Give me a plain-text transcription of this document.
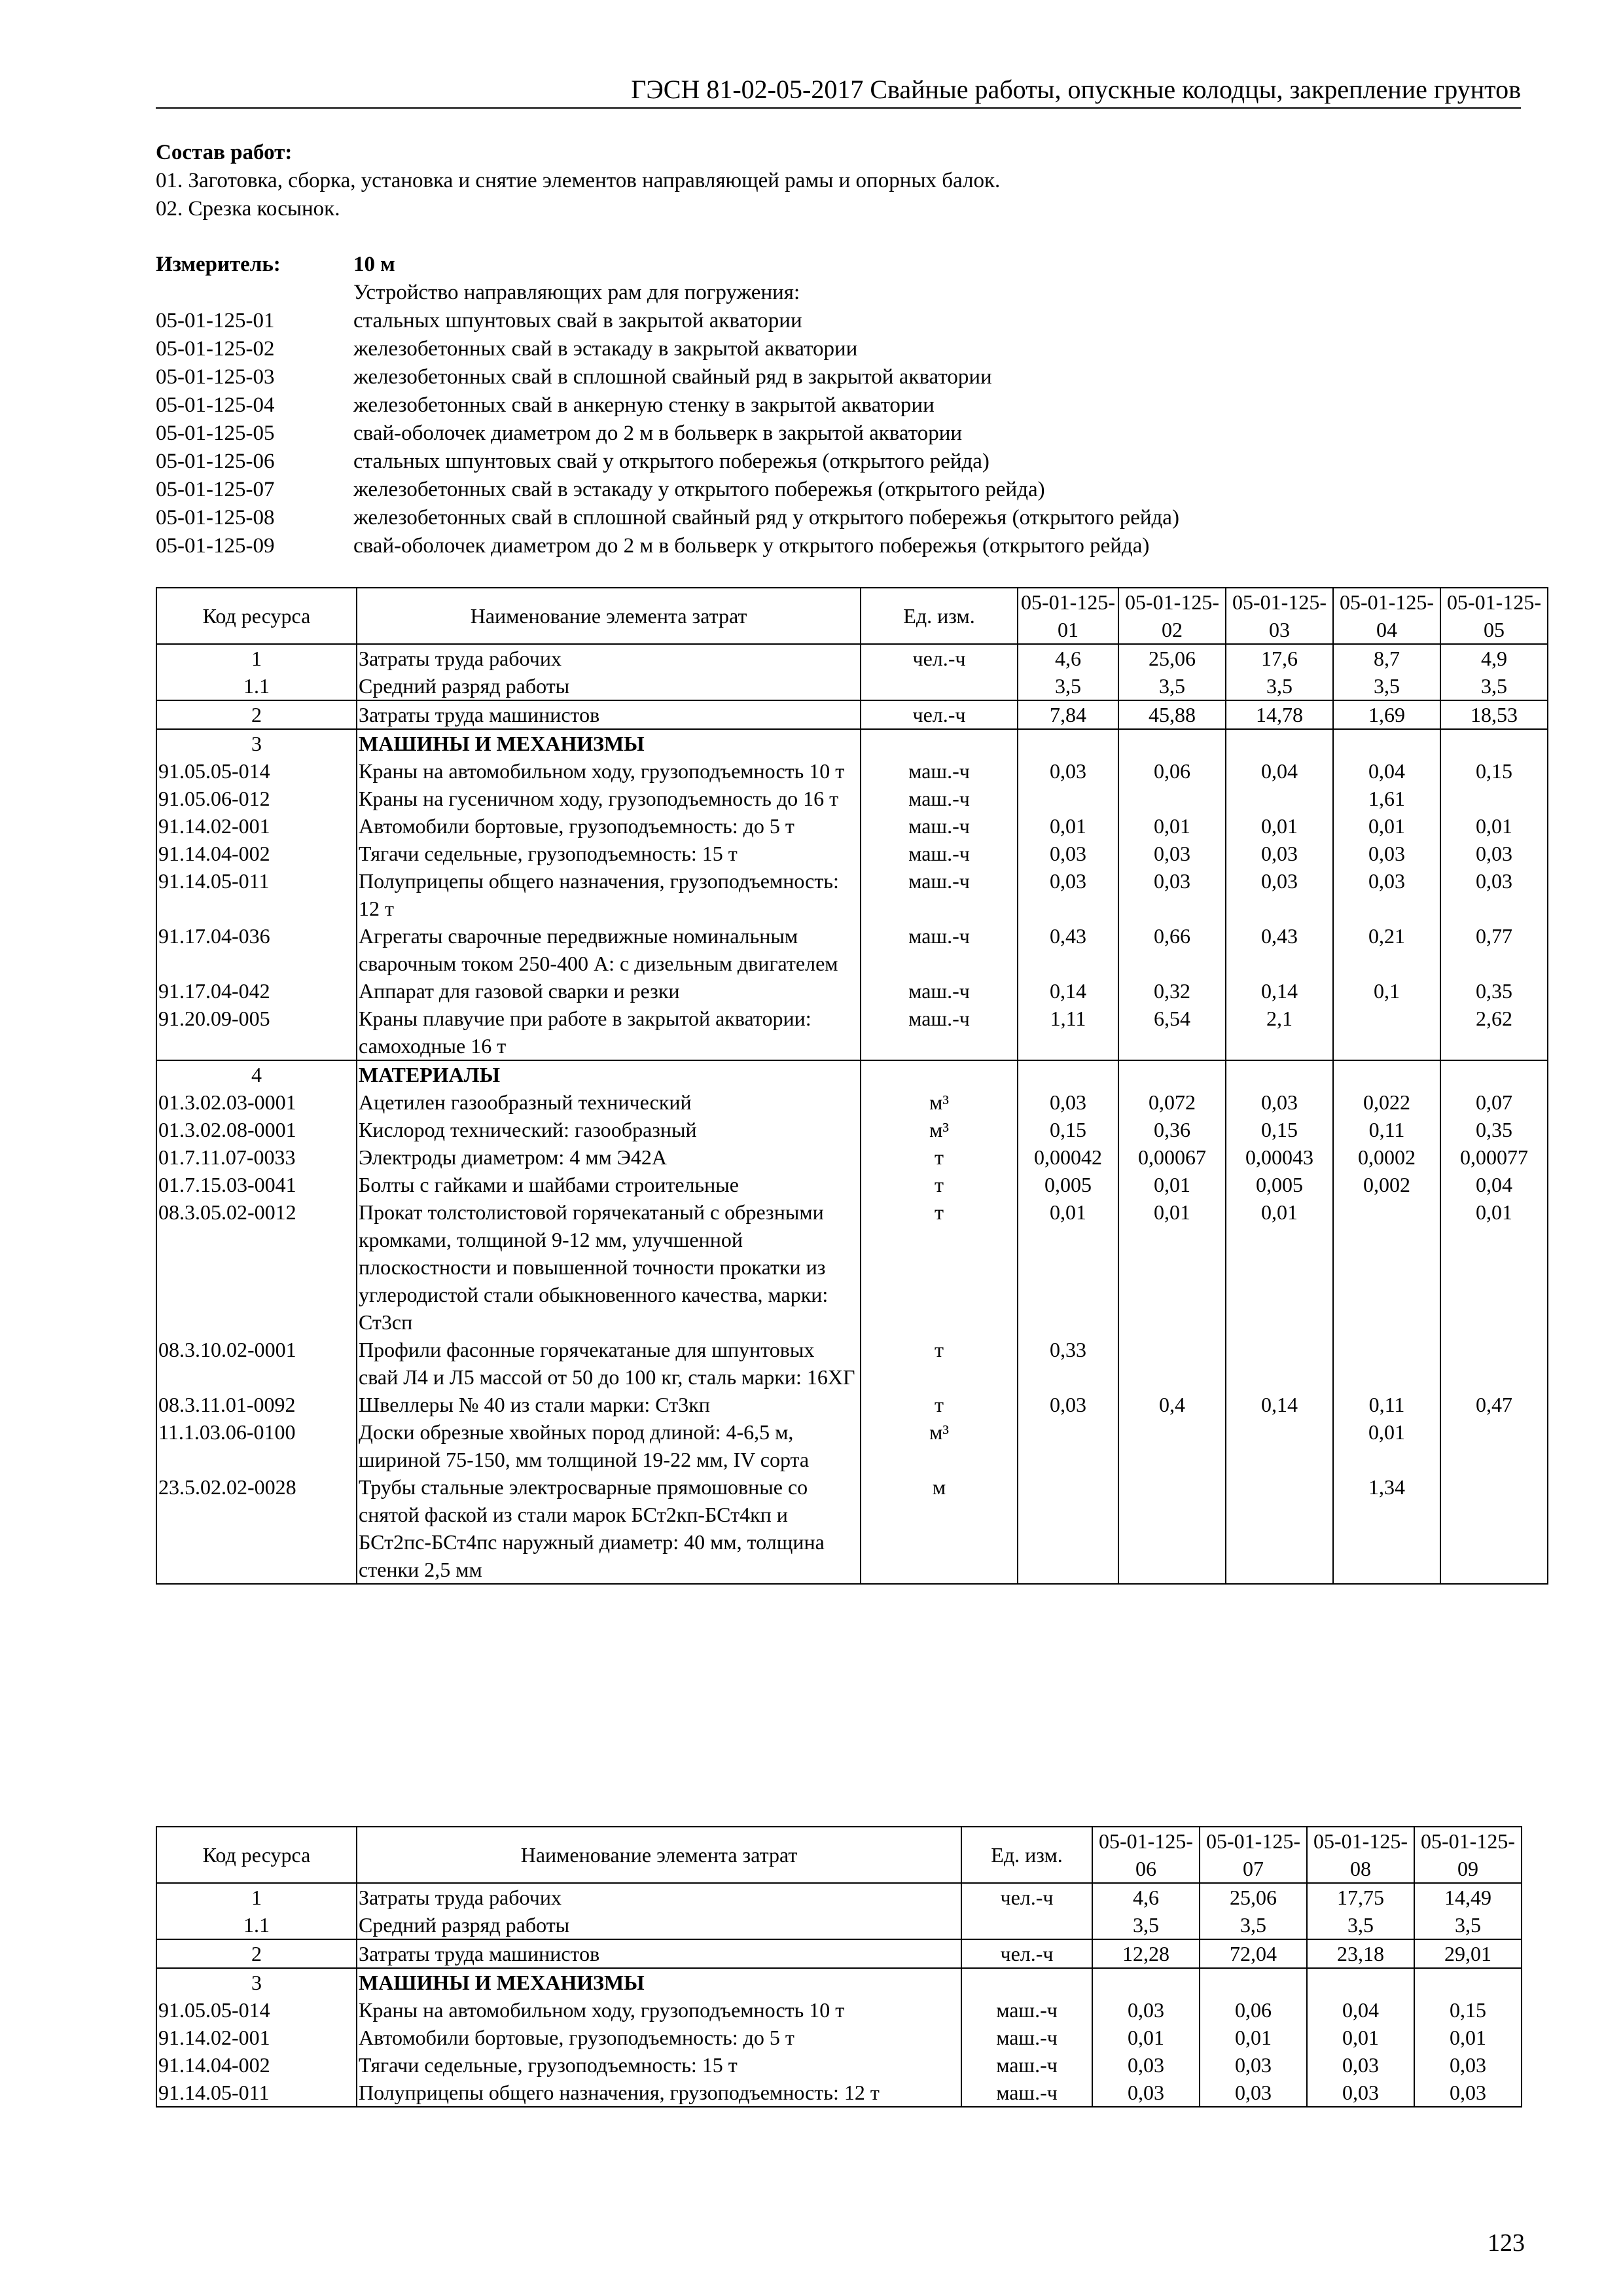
ГЭСН 81-02-05-2017 Свайные работы, опускные колодцы, закрепление грунтов
Состав работ:
01. Заготовка, сборка, установка и снятие элементов направляющей рамы и опорных балок.
02. Срезка косынок.
Измеритель:	10 м
Устройство направляющих рам для погружения:
05-01-125-01	стальных шпунтовых свай в закрытой акватории
05-01-125-02	железобетонных свай в эстакаду в закрытой акватории
05-01-125-03	железобетонных свай в сплошной свайный ряд в закрытой акватории
05-01-125-04	железобетонных свай в анкерную стенку в закрытой акватории
05-01-125-05	свай-оболочек диаметром до 2 м в больверк в закрытой акватории
05-01-125-06	стальных шпунтовых свай у открытого побережья (открытого рейда)
05-01-125-07	железобетонных свай в эстакаду у открытого побережья (открытого рейда)
05-01-125-08	железобетонных свай в сплошной свайный ряд у открытого побережья (открытого рейда)
05-01-125-09	свай-оболочек диаметром до 2 м в больверк у открытого побережья (открытого рейда)
Код ресурса	Наименование элемента затрат	Ед. изм.	05-01-125-01	05-01-125-02	05-01-125-03	05-01-125-04	05-01-125-05
1	Затраты труда рабочих	чел.-ч	4,6	25,06	17,6	8,7	4,9
1.1	Средний разряд работы		3,5	3,5	3,5	3,5	3,5
2	Затраты труда машинистов	чел.-ч	7,84	45,88	14,78	1,69	18,53
3	МАШИНЫ И МЕХАНИЗМЫ						
91.05.05-014	Краны на автомобильном ходу, грузоподъемность 10 т	маш.-ч	0,03	0,06	0,04	0,04	0,15
91.05.06-012	Краны на гусеничном ходу, грузоподъемность до 16 т	маш.-ч				1,61	
91.14.02-001	Автомобили бортовые, грузоподъемность: до 5 т	маш.-ч	0,01	0,01	0,01	0,01	0,01
91.14.04-002	Тягачи седельные, грузоподъемность: 15 т	маш.-ч	0,03	0,03	0,03	0,03	0,03
91.14.05-011	Полуприцепы общего назначения, грузоподъемность: 12 т	маш.-ч	0,03	0,03	0,03	0,03	0,03
91.17.04-036	Агрегаты сварочные передвижные номинальным сварочным током 250-400 А: с дизельным двигателем	маш.-ч	0,43	0,66	0,43	0,21	0,77
91.17.04-042	Аппарат для газовой сварки и резки	маш.-ч	0,14	0,32	0,14	0,1	0,35
91.20.09-005	Краны плавучие при работе в закрытой акватории: самоходные 16 т	маш.-ч	1,11	6,54	2,1		2,62
4	МАТЕРИАЛЫ						
01.3.02.03-0001	Ацетилен газообразный технический	м³	0,03	0,072	0,03	0,022	0,07
01.3.02.08-0001	Кислород технический: газообразный	м³	0,15	0,36	0,15	0,11	0,35
01.7.11.07-0033	Электроды диаметром: 4 мм Э42А	т	0,00042	0,00067	0,00043	0,0002	0,00077
01.7.15.03-0041	Болты с гайками и шайбами строительные	т	0,005	0,01	0,005	0,002	0,04
08.3.05.02-0012	Прокат толстолистовой горячекатаный с обрезными кромками, толщиной 9-12 мм, улучшенной плоскостности и повышенной точности прокатки из углеродистой стали обыкновенного качества, марки: Ст3сп	т	0,01	0,01	0,01		0,01
08.3.10.02-0001	Профили фасонные горячекатаные для шпунтовых свай Л4 и Л5 массой от 50 до 100 кг, сталь марки: 16ХГ	т	0,33				
08.3.11.01-0092	Швеллеры № 40 из стали марки: Ст3кп	т	0,03	0,4	0,14	0,11	0,47
11.1.03.06-0100	Доски обрезные хвойных пород длиной: 4-6,5 м, шириной 75-150, мм толщиной 19-22 мм, IV сорта	м³				0,01	
23.5.02.02-0028	Трубы стальные электросварные прямошовные со снятой фаской из стали марок БСт2кп-БСт4кп и БСт2пс-БСт4пс наружный диаметр: 40 мм, толщина стенки 2,5 мм	м				1,34	
Код ресурса	Наименование элемента затрат	Ед. изм.	05-01-125-06	05-01-125-07	05-01-125-08	05-01-125-09
1	Затраты труда рабочих	чел.-ч	4,6	25,06	17,75	14,49
1.1	Средний разряд работы		3,5	3,5	3,5	3,5
2	Затраты труда машинистов	чел.-ч	12,28	72,04	23,18	29,01
3	МАШИНЫ И МЕХАНИЗМЫ					
91.05.05-014	Краны на автомобильном ходу, грузоподъемность 10 т	маш.-ч	0,03	0,06	0,04	0,15
91.14.02-001	Автомобили бортовые, грузоподъемность: до 5 т	маш.-ч	0,01	0,01	0,01	0,01
91.14.04-002	Тягачи седельные, грузоподъемность: 15 т	маш.-ч	0,03	0,03	0,03	0,03
91.14.05-011	Полуприцепы общего назначения, грузоподъемность: 12 т	маш.-ч	0,03	0,03	0,03	0,03
123
